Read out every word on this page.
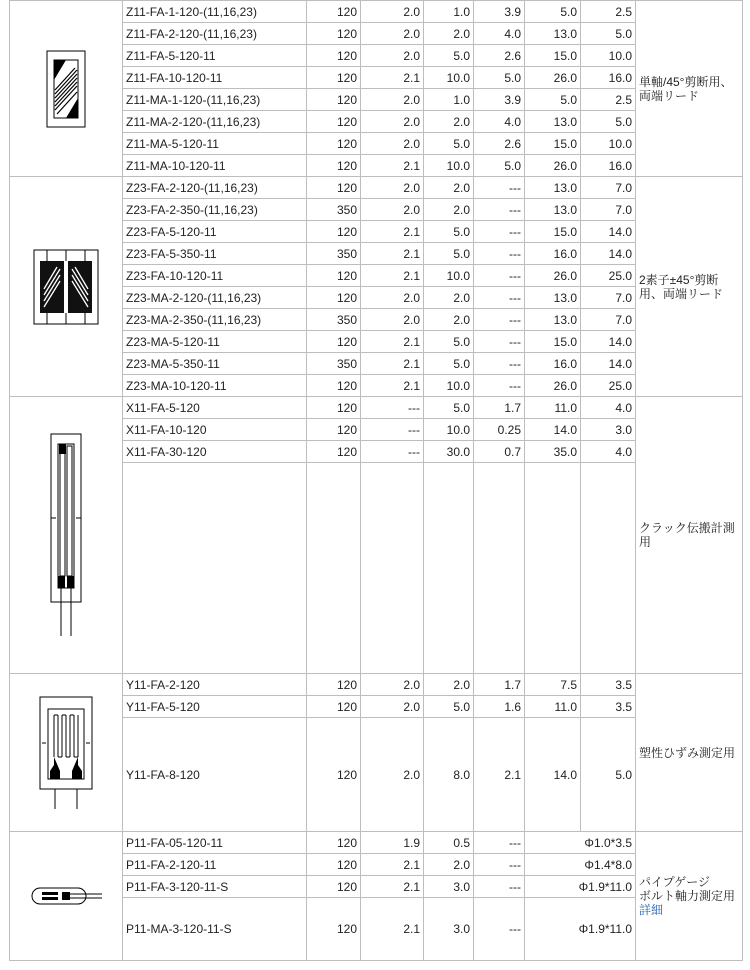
	Z11-FA-1-120-(11,16,23)	120	2.0	1.0	3.9	5.0	2.5	単軸/45°剪断用、両端リード
	Z11-FA-2-120-(11,16,23)	120	2.0	2.0	4.0	13.0	5.0	
	Z11-FA-5-120-11	120	2.0	5.0	2.6	15.0	10.0	
	Z11-FA-10-120-11	120	2.1	10.0	5.0	26.0	16.0	
	Z11-MA-1-120-(11,16,23)	120	2.0	1.0	3.9	5.0	2.5	
	Z11-MA-2-120-(11,16,23)	120	2.0	2.0	4.0	13.0	5.0	
	Z11-MA-5-120-11	120	2.0	5.0	2.6	15.0	10.0	
	Z11-MA-10-120-11	120	2.1	10.0	5.0	26.0	16.0	

	Z23-FA-2-120-(11,16,23)	120	2.0	2.0	---	13.0	7.0	2素子±45°剪断用、両端リード
	Z23-FA-2-350-(11,16,23)	350	2.0	2.0	---	13.0	7.0	
	Z23-FA-5-120-11	120	2.1	5.0	---	15.0	14.0	
	Z23-FA-5-350-11	350	2.1	5.0	---	16.0	14.0	
	Z23-FA-10-120-11	120	2.1	10.0	---	26.0	25.0	
	Z23-MA-2-120-(11,16,23)	120	2.0	2.0	---	13.0	7.0	
	Z23-MA-2-350-(11,16,23)	350	2.0	2.0	---	13.0	7.0	
	Z23-MA-5-120-11	120	2.1	5.0	---	15.0	14.0	
	Z23-MA-5-350-11	350	2.1	5.0	---	16.0	14.0	
	Z23-MA-10-120-11	120	2.1	10.0	---	26.0	25.0	

	X11-FA-5-120	120	---	5.0	1.7	11.0	4.0	クラック伝搬計測用
	X11-FA-10-120	120	---	10.0	0.25	14.0	3.0	
	X11-FA-30-120	120	---	30.0	0.7	35.0	4.0	

	Y11-FA-2-120	120	2.0	2.0	1.7	7.5	3.5	塑性ひずみ測定用
	Y11-FA-5-120	120	2.0	5.0	1.6	11.0	3.5	
	Y11-FA-8-120	120	2.0	8.0	2.1	14.0	5.0	

	P11-FA-05-120-11	120	1.9	0.5	---	Φ1.0*3.5		パイプゲージ
ボルト軸力測定用
詳細
	P11-FA-2-120-11	120	2.1	2.0	---	Φ1.4*8.0		
	P11-FA-3-120-11-S	120	2.1	3.0	---	Φ1.9*11.0		
	P11-MA-3-120-11-S	120	2.1	3.0	---	Φ1.9*11.0		
